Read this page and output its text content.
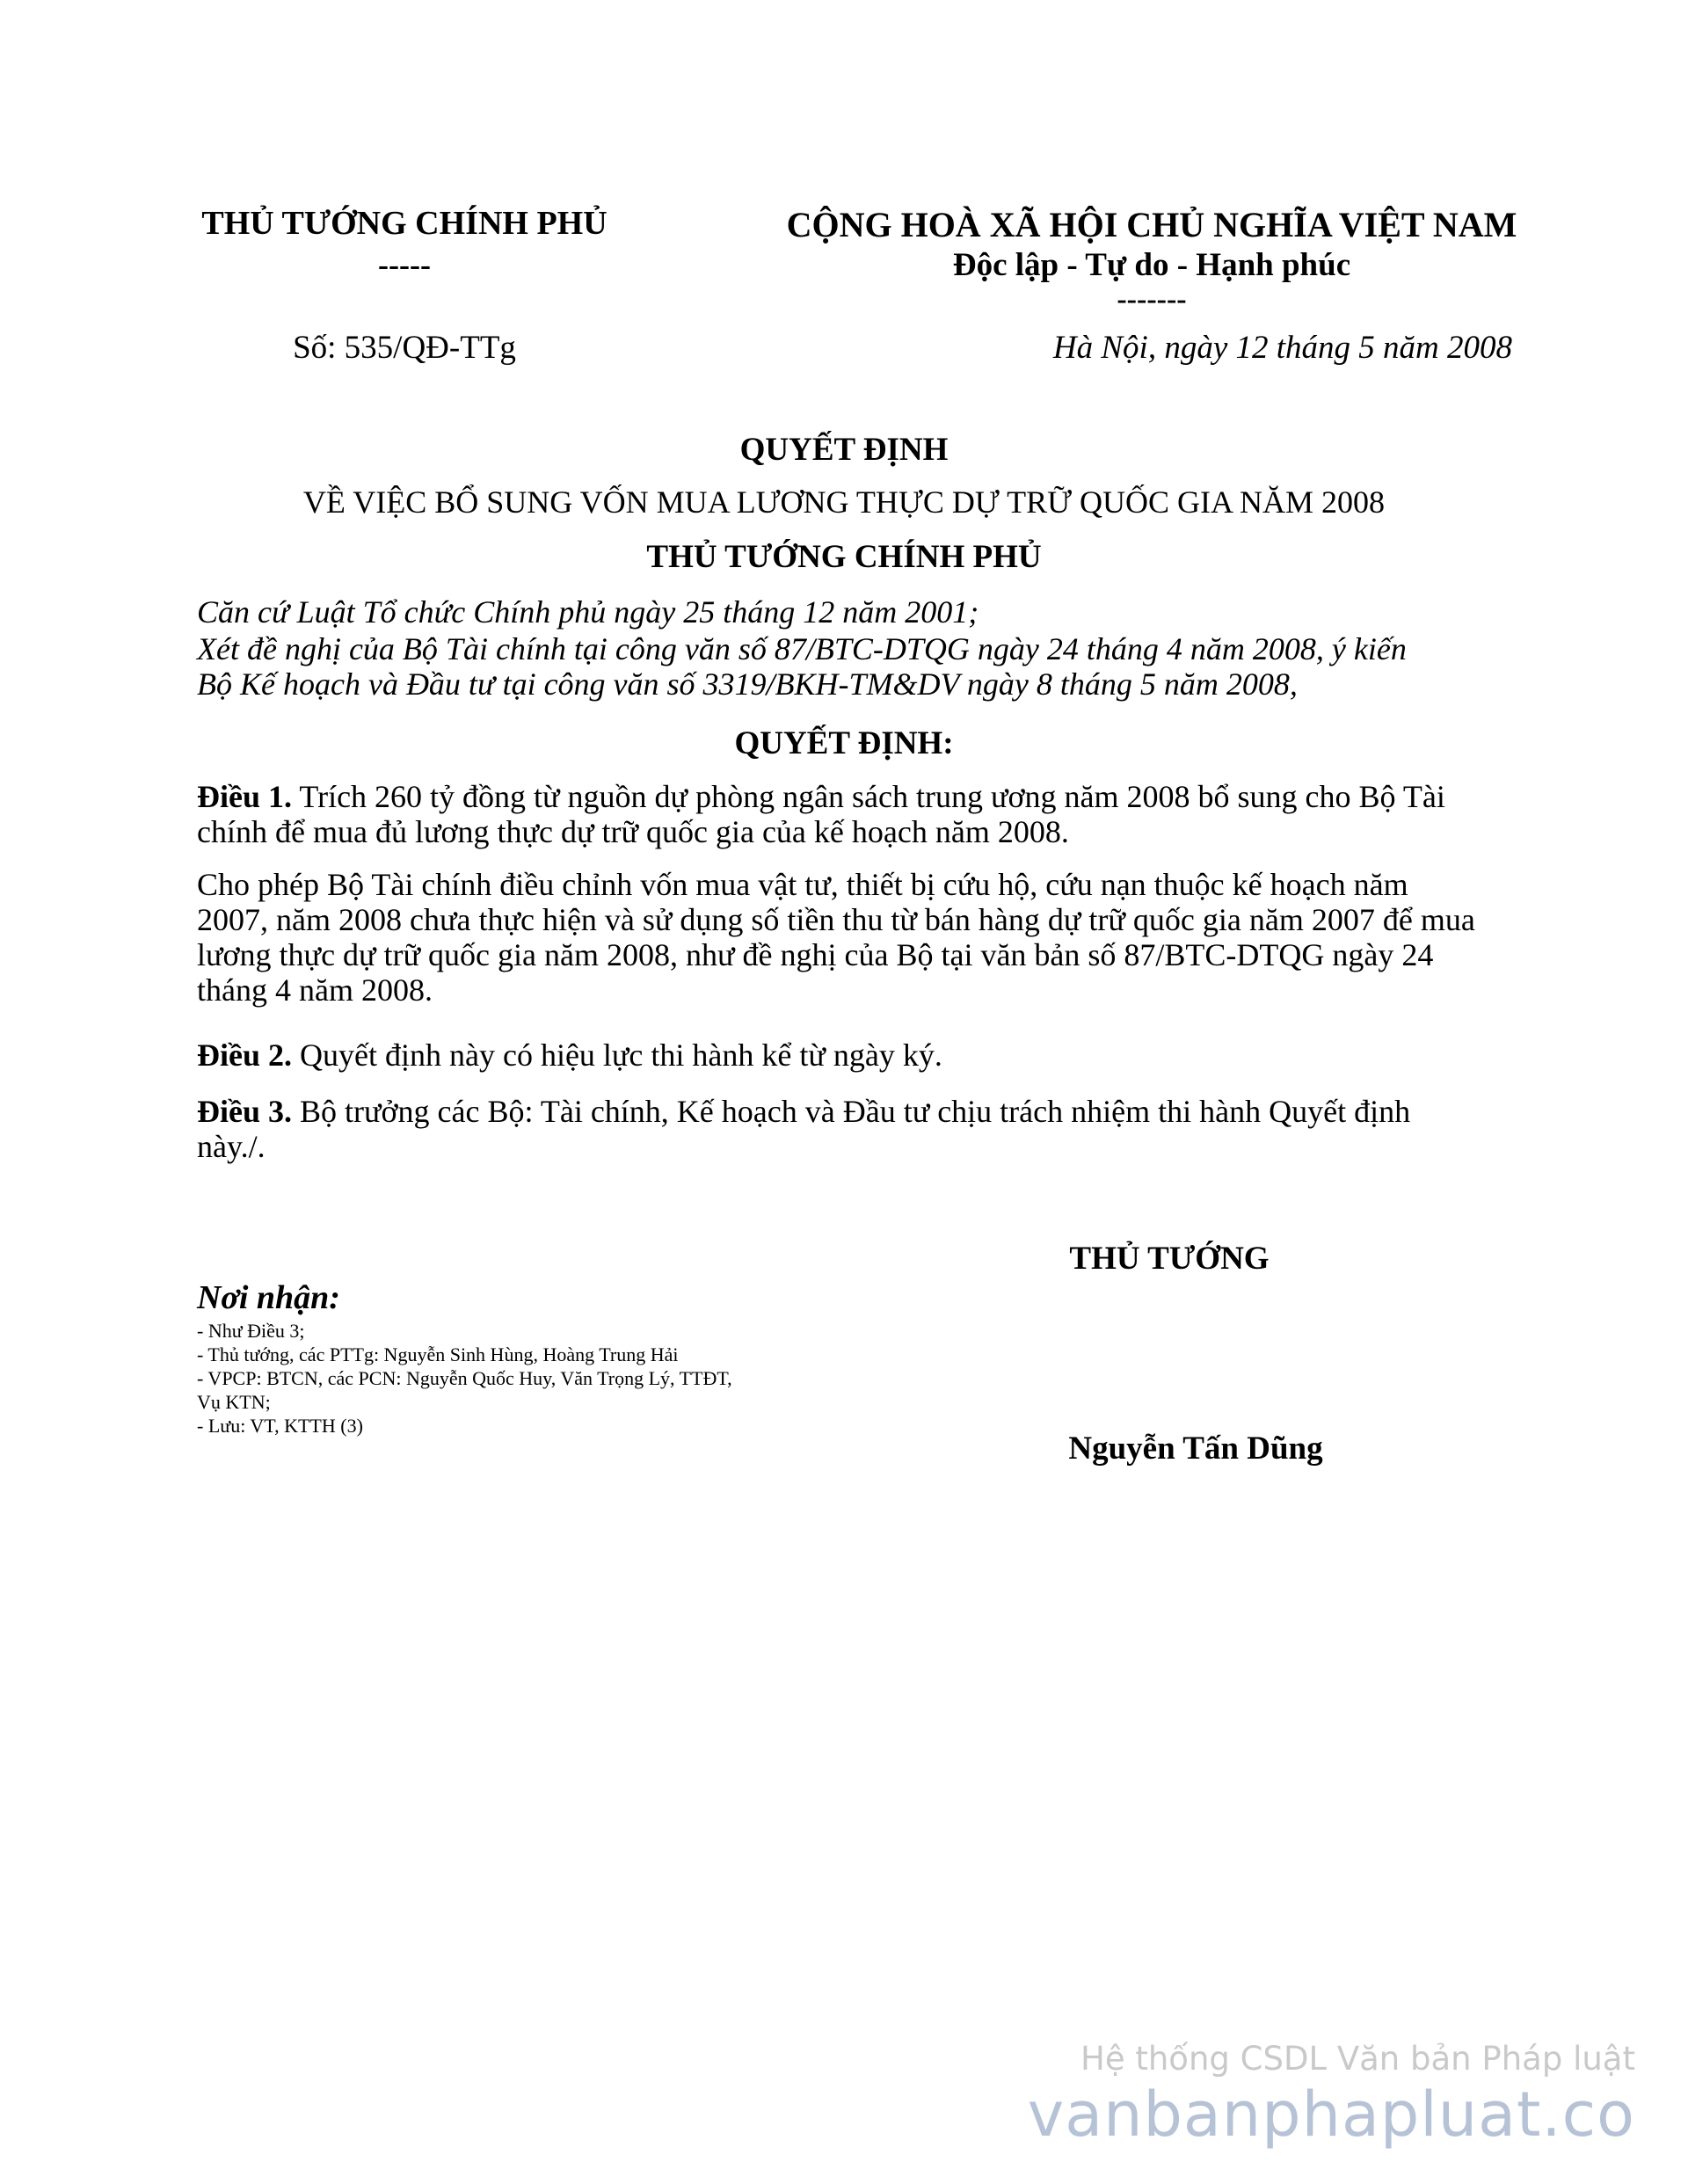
THỦ TƯỚNG CHÍNH PHỦ
-----
CỘNG HOÀ XÃ HỘI CHỦ NGHĨA VIỆT NAM
Độc lập - Tự do - Hạnh phúc
-------
Số: 535/QĐ-TTg	Hà Nội, ngày 12 tháng 5 năm 2008
QUYẾT ĐỊNH
VỀ VIỆC BỔ SUNG VỐN MUA LƯƠNG THỰC DỰ TRỮ QUỐC GIA NĂM 2008
THỦ TƯỚNG CHÍNH PHỦ
Căn cứ Luật Tổ chức Chính phủ ngày 25 tháng 12 năm 2001;
Xét đề nghị của Bộ Tài chính tại công văn số 87/BTC-DTQG ngày 24 tháng 4 năm 2008, ý kiến
Bộ Kế hoạch và Đầu tư tại công văn số 3319/BKH-TM&DV ngày 8 tháng 5 năm 2008,
QUYẾT ĐỊNH:
Điều 1. Trích 260 tỷ đồng từ nguồn dự phòng ngân sách trung ương năm 2008 bổ sung cho Bộ Tài chính để mua đủ lương thực dự trữ quốc gia của kế hoạch năm 2008.
Cho phép Bộ Tài chính điều chỉnh vốn mua vật tư, thiết bị cứu hộ, cứu nạn thuộc kế hoạch năm 2007, năm 2008 chưa thực hiện và sử dụng số tiền thu từ bán hàng dự trữ quốc gia năm 2007 để mua lương thực dự trữ quốc gia năm 2008, như đề nghị của Bộ tại văn bản số 87/BTC-DTQG ngày 24 tháng 4 năm 2008.
Điều 2. Quyết định này có hiệu lực thi hành kể từ ngày ký.
Điều 3. Bộ trưởng các Bộ: Tài chính, Kế hoạch và Đầu tư chịu trách nhiệm thi hành Quyết định này./.
THỦ TƯỚNG
Nguyễn Tấn Dũng
Nơi nhận:
- Như Điều 3;
- Thủ tướng, các PTTg: Nguyễn Sinh Hùng, Hoàng Trung Hải
- VPCP: BTCN, các PCN: Nguyễn Quốc Huy, Văn Trọng Lý, TTĐT,
Vụ KTN;
- Lưu: VT, KTTH (3)
Hệ thống CSDL Văn bản Pháp luật
vanbanphapluat.co
